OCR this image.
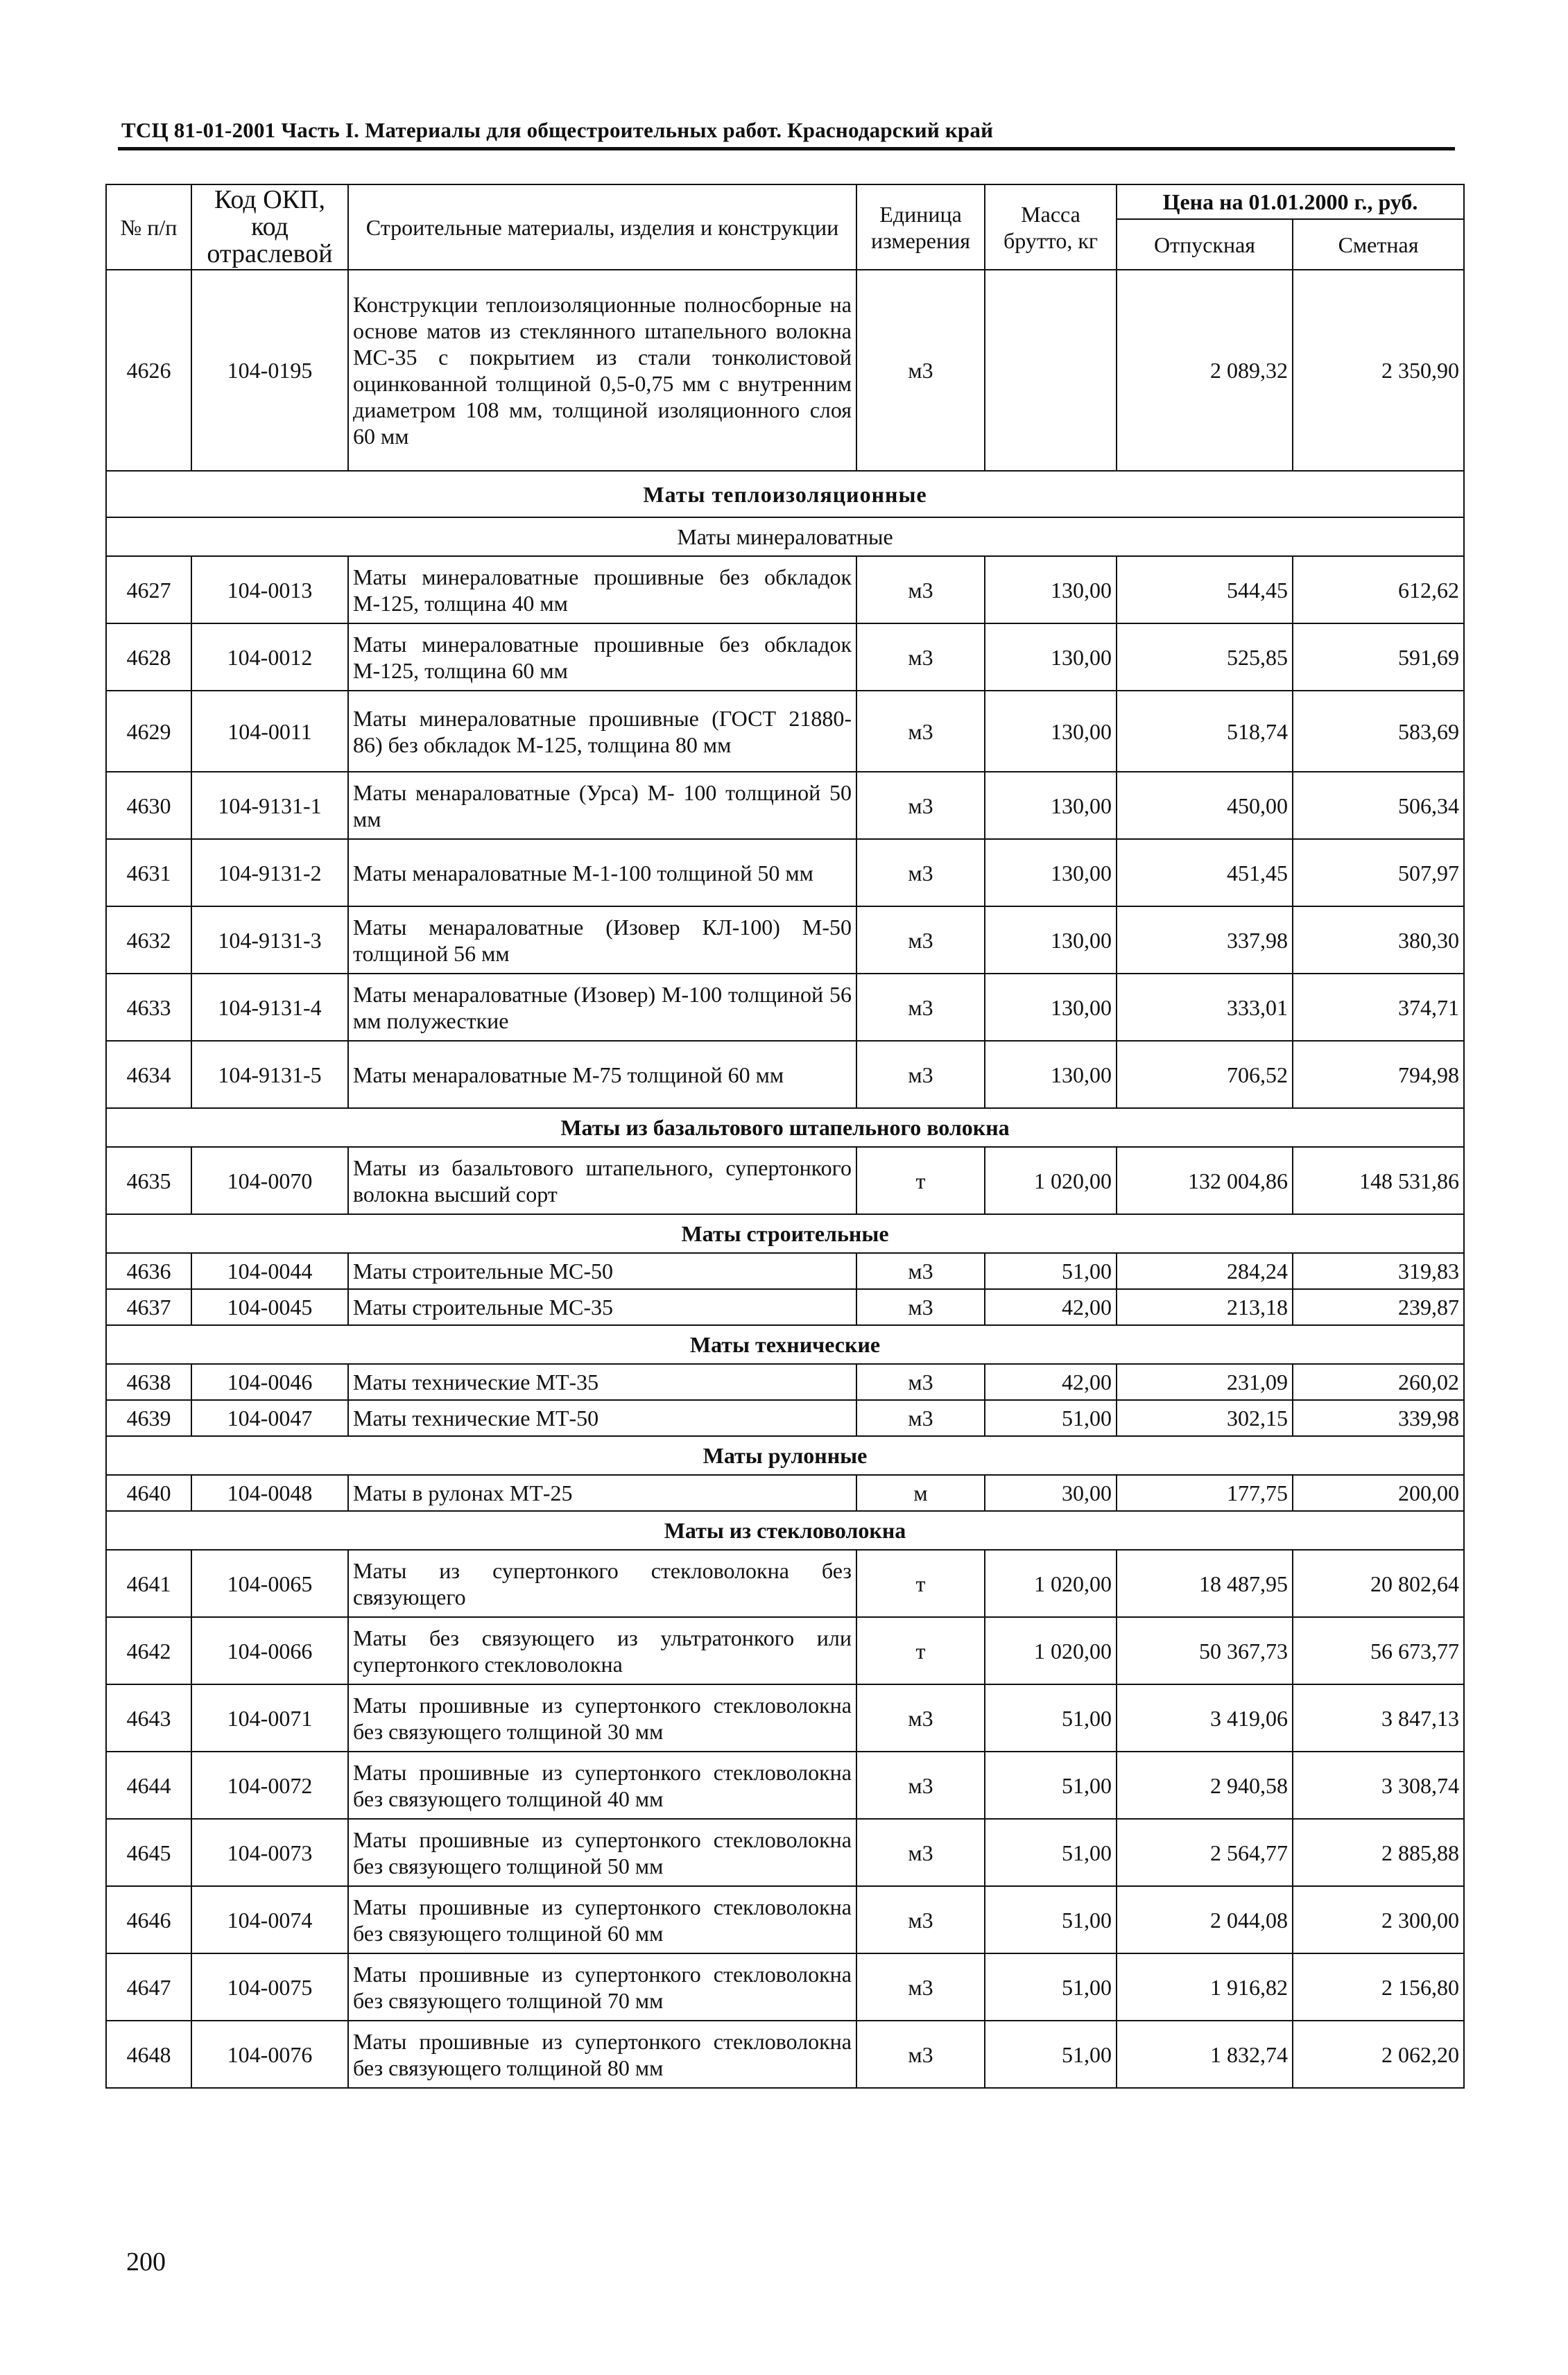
ТСЦ 81-01-2001 Часть I. Материалы для общестроительных работ. Краснодарский край
№ п/п	Код ОКП, код отраслевой	Строительные материалы, изделия и конструкции	Единица измерения	Масса брутто, кг	Цена на 01.01.2000 г., руб.	
					Отпускная	Сметная
4626	104-0195	Конструкции теплоизоляционные полносборные на основе матов из стеклянного штапельного волокна МС-35 с покрытием из стали тонколистовой оцинкованной толщиной 0,5-0,75 мм с внутренним диаметром 108 мм, толщиной изоляционного слоя 60 мм	м3		2 089,32	2 350,90
Маты теплоизоляционные						
Маты минераловатные						
4627	104-0013	Маты минераловатные прошивные без обкладок М-125, толщина 40 мм	м3	130,00	544,45	612,62
4628	104-0012	Маты минераловатные прошивные без обкладок М-125, толщина 60 мм	м3	130,00	525,85	591,69
4629	104-0011	Маты минераловатные прошивные (ГОСТ 21880-86) без обкладок М-125, толщина 80 мм	м3	130,00	518,74	583,69
4630	104-9131-1	Маты менараловатные (Урса) М- 100 толщиной 50 мм	м3	130,00	450,00	506,34
4631	104-9131-2	Маты менараловатные М-1-100 толщиной 50 мм	м3	130,00	451,45	507,97
4632	104-9131-3	Маты менараловатные (Изовер КЛ-100) М-50 толщиной 56 мм	м3	130,00	337,98	380,30
4633	104-9131-4	Маты менараловатные (Изовер) М-100 толщиной 56 мм полужесткие	м3	130,00	333,01	374,71
4634	104-9131-5	Маты менараловатные М-75 толщиной 60 мм	м3	130,00	706,52	794,98
Маты из базальтового штапельного волокна						
4635	104-0070	Маты из базальтового штапельного, супертонкого волокна высший сорт	т	1 020,00	132 004,86	148 531,86
Маты строительные						
4636	104-0044	Маты строительные МС-50	м3	51,00	284,24	319,83
4637	104-0045	Маты строительные МС-35	м3	42,00	213,18	239,87
Маты технические						
4638	104-0046	Маты технические МТ-35	м3	42,00	231,09	260,02
4639	104-0047	Маты технические МТ-50	м3	51,00	302,15	339,98
Маты рулонные						
4640	104-0048	Маты в рулонах МТ-25	м	30,00	177,75	200,00
Маты из стекловолокна						
4641	104-0065	Маты из супертонкого стекловолокна без связующего	т	1 020,00	18 487,95	20 802,64
4642	104-0066	Маты без связующего из ультратонкого или супертонкого стекловолокна	т	1 020,00	50 367,73	56 673,77
4643	104-0071	Маты прошивные из супертонкого стекловолокна без связующего толщиной 30 мм	м3	51,00	3 419,06	3 847,13
4644	104-0072	Маты прошивные из супертонкого стекловолокна без связующего толщиной 40 мм	м3	51,00	2 940,58	3 308,74
4645	104-0073	Маты прошивные из супертонкого стекловолокна без связующего толщиной 50 мм	м3	51,00	2 564,77	2 885,88
4646	104-0074	Маты прошивные из супертонкого стекловолокна без связующего толщиной 60 мм	м3	51,00	2 044,08	2 300,00
4647	104-0075	Маты прошивные из супертонкого стекловолокна без связующего толщиной 70 мм	м3	51,00	1 916,82	2 156,80
4648	104-0076	Маты прошивные из супертонкого стекловолокна без связующего толщиной 80 мм	м3	51,00	1 832,74	2 062,20
200
